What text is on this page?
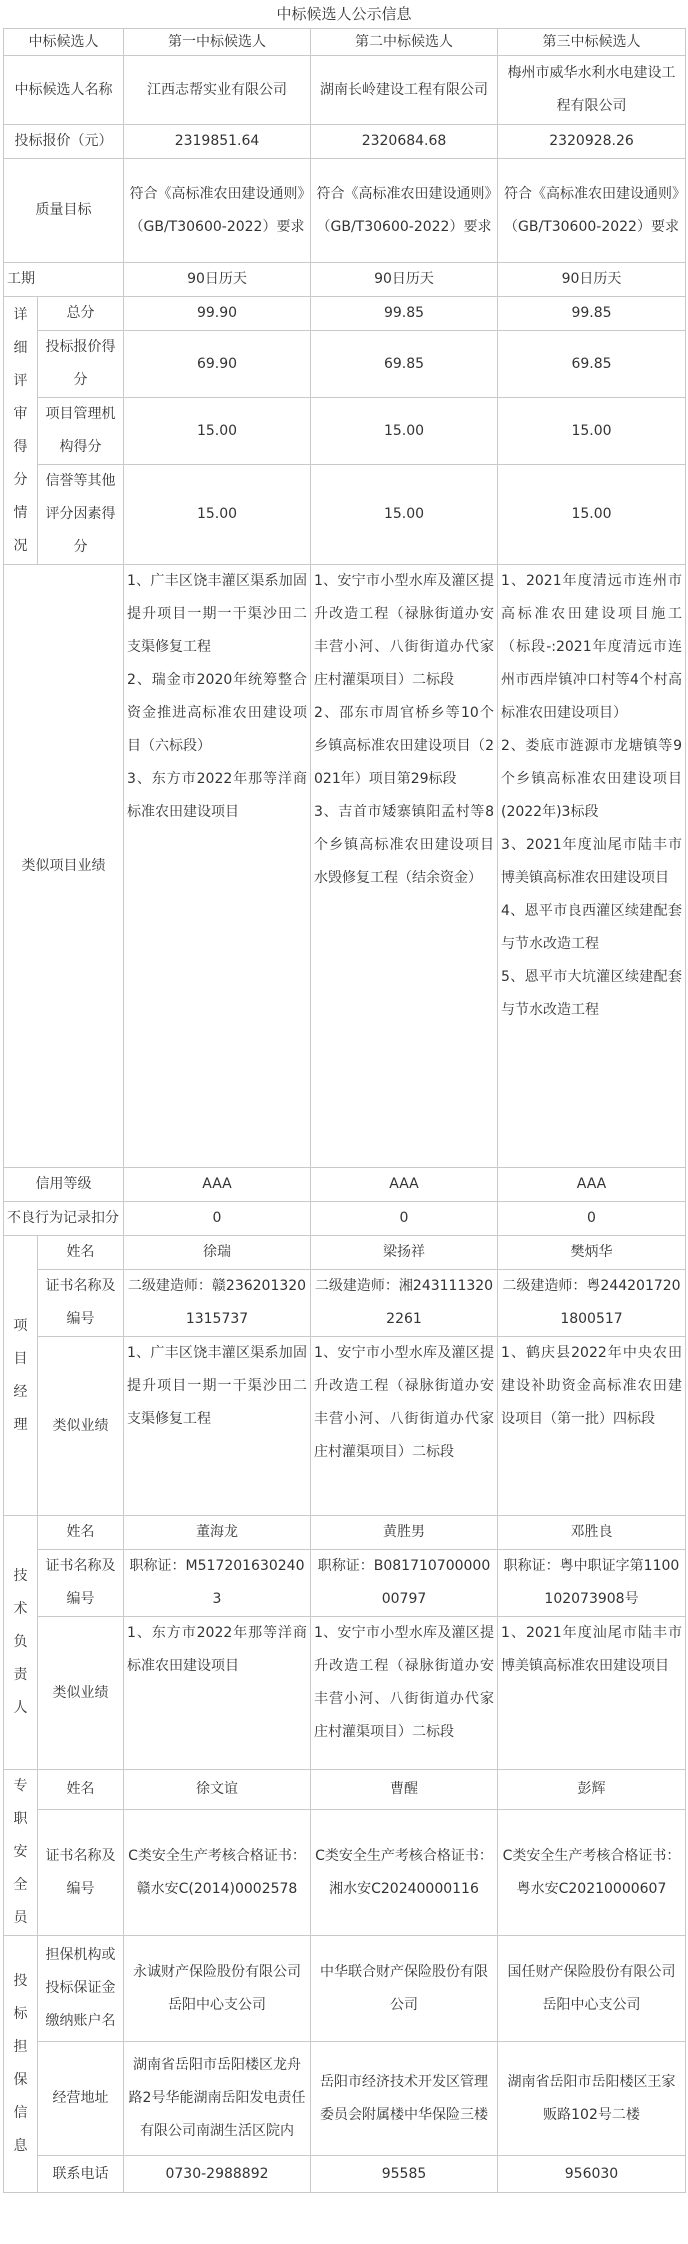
中标候选人公示信息
中标候选人		第一中标候选人	第二中标候选人	第三中标候选人
中标候选人名称		江西志帮实业有限公司	湖南长岭建设工程有限公司	梅州市威华水利水电建设工程有限公司
投标报价（元）		2319851.64	2320684.68	2320928.26
质量目标		符合《高标准农田建设通则》（GB/T30600-2022）要求	符合《高标准农田建设通则》（GB/T30600-2022）要求	符合《高标准农田建设通则》（GB/T30600-2022）要求
工期		90日历天	90日历天	90日历天
详细评审得分情况	总分	99.90	99.85	99.85
	投标报价得分	69.90	69.85	69.85
	项目管理机构得分	15.00	15.00	15.00
	信誉等其他评分因素得分	15.00	15.00	15.00
类似项目业绩		1、广丰区饶丰灌区渠系加固提升项目一期一干渠沙田二支渠修复工程
2、瑞金市2020年统筹整合资金推进高标准农田建设项目（六标段）
3、东方市2022年那等洋商标准农田建设项目	1、安宁市小型水库及灌区提升改造工程（禄脉街道办安丰营小河、八街街道办代家庄村灌渠项目）二标段
2、邵东市周官桥乡等10个乡镇高标准农田建设项目（2021年）项目第29标段
3、吉首市矮寨镇阳孟村等8个乡镇高标准农田建设项目水毁修复工程（结余资金）	1、2021年度清远市连州市高标准农田建设项目施工（标段-:2021年度清远市连州市西岸镇冲口村等4个村高标准农田建设项目）
2、娄底市涟源市龙塘镇等9个乡镇高标准农田建设项目(2022年)3标段
3、2021年度汕尾市陆丰市博美镇高标准农田建设项目
4、恩平市良西灌区续建配套与节水改造工程
5、恩平市大坑灌区续建配套与节水改造工程
信用等级		AAA	AAA	AAA
不良行为记录扣分		0	0	0
项目经理	姓名	徐瑞	梁扬祥	樊炳华
	证书名称及编号	二级建造师：赣2362013201315737	二级建造师：湘2431113202261	二级建造师：粤2442017201800517
	类似业绩	1、广丰区饶丰灌区渠系加固提升项目一期一干渠沙田二支渠修复工程	1、安宁市小型水库及灌区提升改造工程（禄脉街道办安丰营小河、八街街道办代家庄村灌渠项目）二标段	1、鹤庆县2022年中央农田建设补助资金高标准农田建设项目（第一批）四标段
技术负责人	姓名	董海龙	黄胜男	邓胜良
	证书名称及编号	职称证：M5172016302403	职称证：B08171070000000797	职称证：粤中职证字第1100102073908号
	类似业绩	1、东方市2022年那等洋商标准农田建设项目	1、安宁市小型水库及灌区提升改造工程（禄脉街道办安丰营小河、八街街道办代家庄村灌渠项目）二标段	1、2021年度汕尾市陆丰市博美镇高标准农田建设项目
专职安全员	姓名	徐文谊	曹醒	彭辉
	证书名称及编号	C类安全生产考核合格证书：赣水安C(2014)0002578	C类安全生产考核合格证书：湘水安C20240000116	C类安全生产考核合格证书：粤水安C20210000607
投标担保信息	担保机构或投标保证金缴纳账户名	永诚财产保险股份有限公司岳阳中心支公司	中华联合财产保险股份有限公司	国任财产保险股份有限公司岳阳中心支公司
	经营地址	湖南省岳阳市岳阳楼区龙舟路2号华能湖南岳阳发电责任有限公司南湖生活区院内	岳阳市经济技术开发区管理委员会附属楼中华保险三楼	湖南省岳阳市岳阳楼区王家贩路102号二楼
	联系电话	0730-2988892	95585	956030
